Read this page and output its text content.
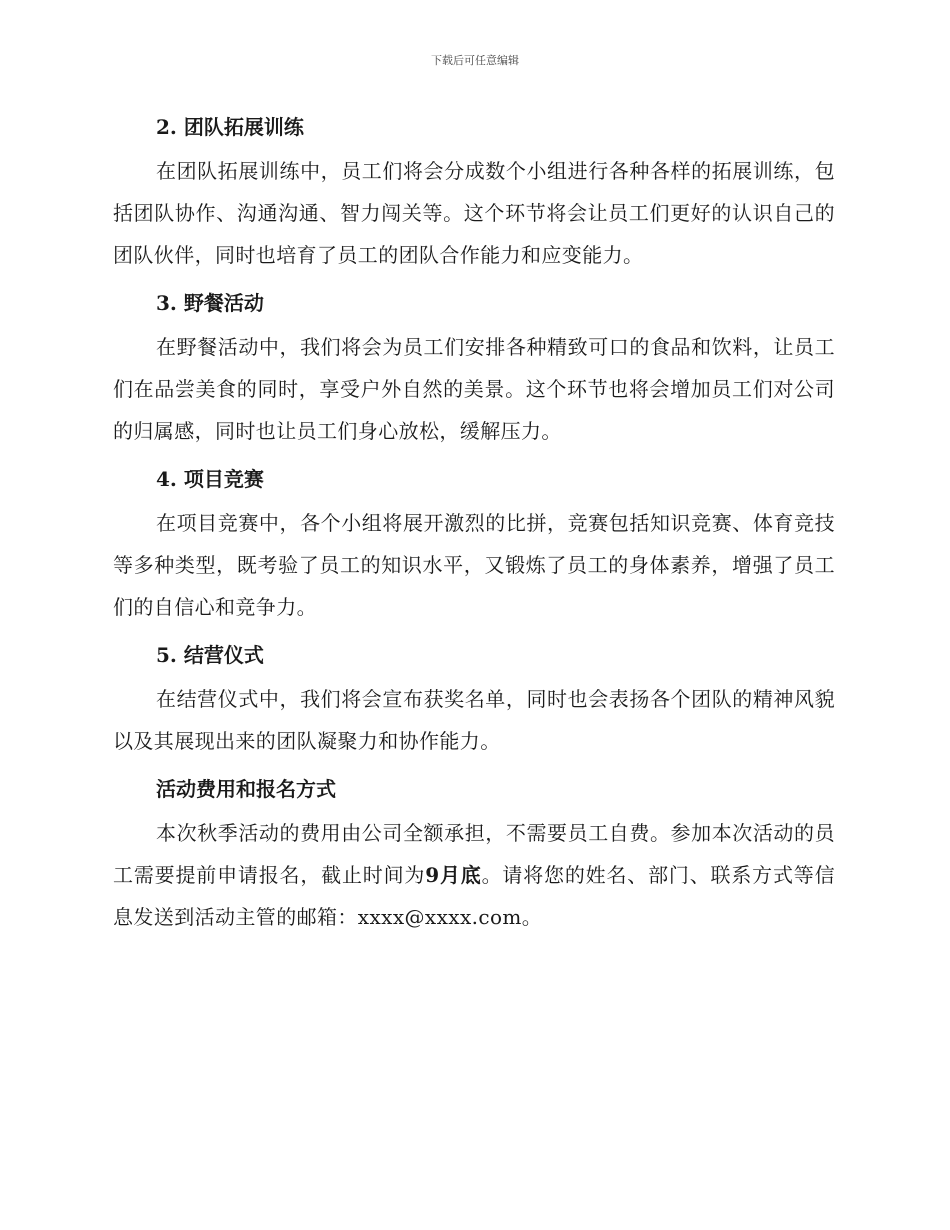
下载后可任意编辑
2. 团队拓展训练

在团队拓展训练中，员工们将会分成数个小组进行各种各样的拓展训练，包括团队协作、沟通沟通、智力闯关等。这个环节将会让员工们更好的认识自己的团队伙伴，同时也培育了员工的团队合作能力和应变能力。

3. 野餐活动

在野餐活动中，我们将会为员工们安排各种精致可口的食品和饮料，让员工们在品尝美食的同时，享受户外自然的美景。这个环节也将会增加员工们对公司的归属感，同时也让员工们身心放松，缓解压力。

4. 项目竞赛

在项目竞赛中，各个小组将展开激烈的比拼，竞赛包括知识竞赛、体育竞技等多种类型，既考验了员工的知识水平，又锻炼了员工的身体素养，增强了员工们的自信心和竞争力。

5. 结营仪式

在结营仪式中，我们将会宣布获奖名单，同时也会表扬各个团队的精神风貌以及其展现出来的团队凝聚力和协作能力。

活动费用和报名方式

本次秋季活动的费用由公司全额承担，不需要员工自费。参加本次活动的员工需要提前申请报名，截止时间为9月底。请将您的姓名、部门、联系方式等信息发送到活动主管的邮箱：xxxx@xxxx.com。
